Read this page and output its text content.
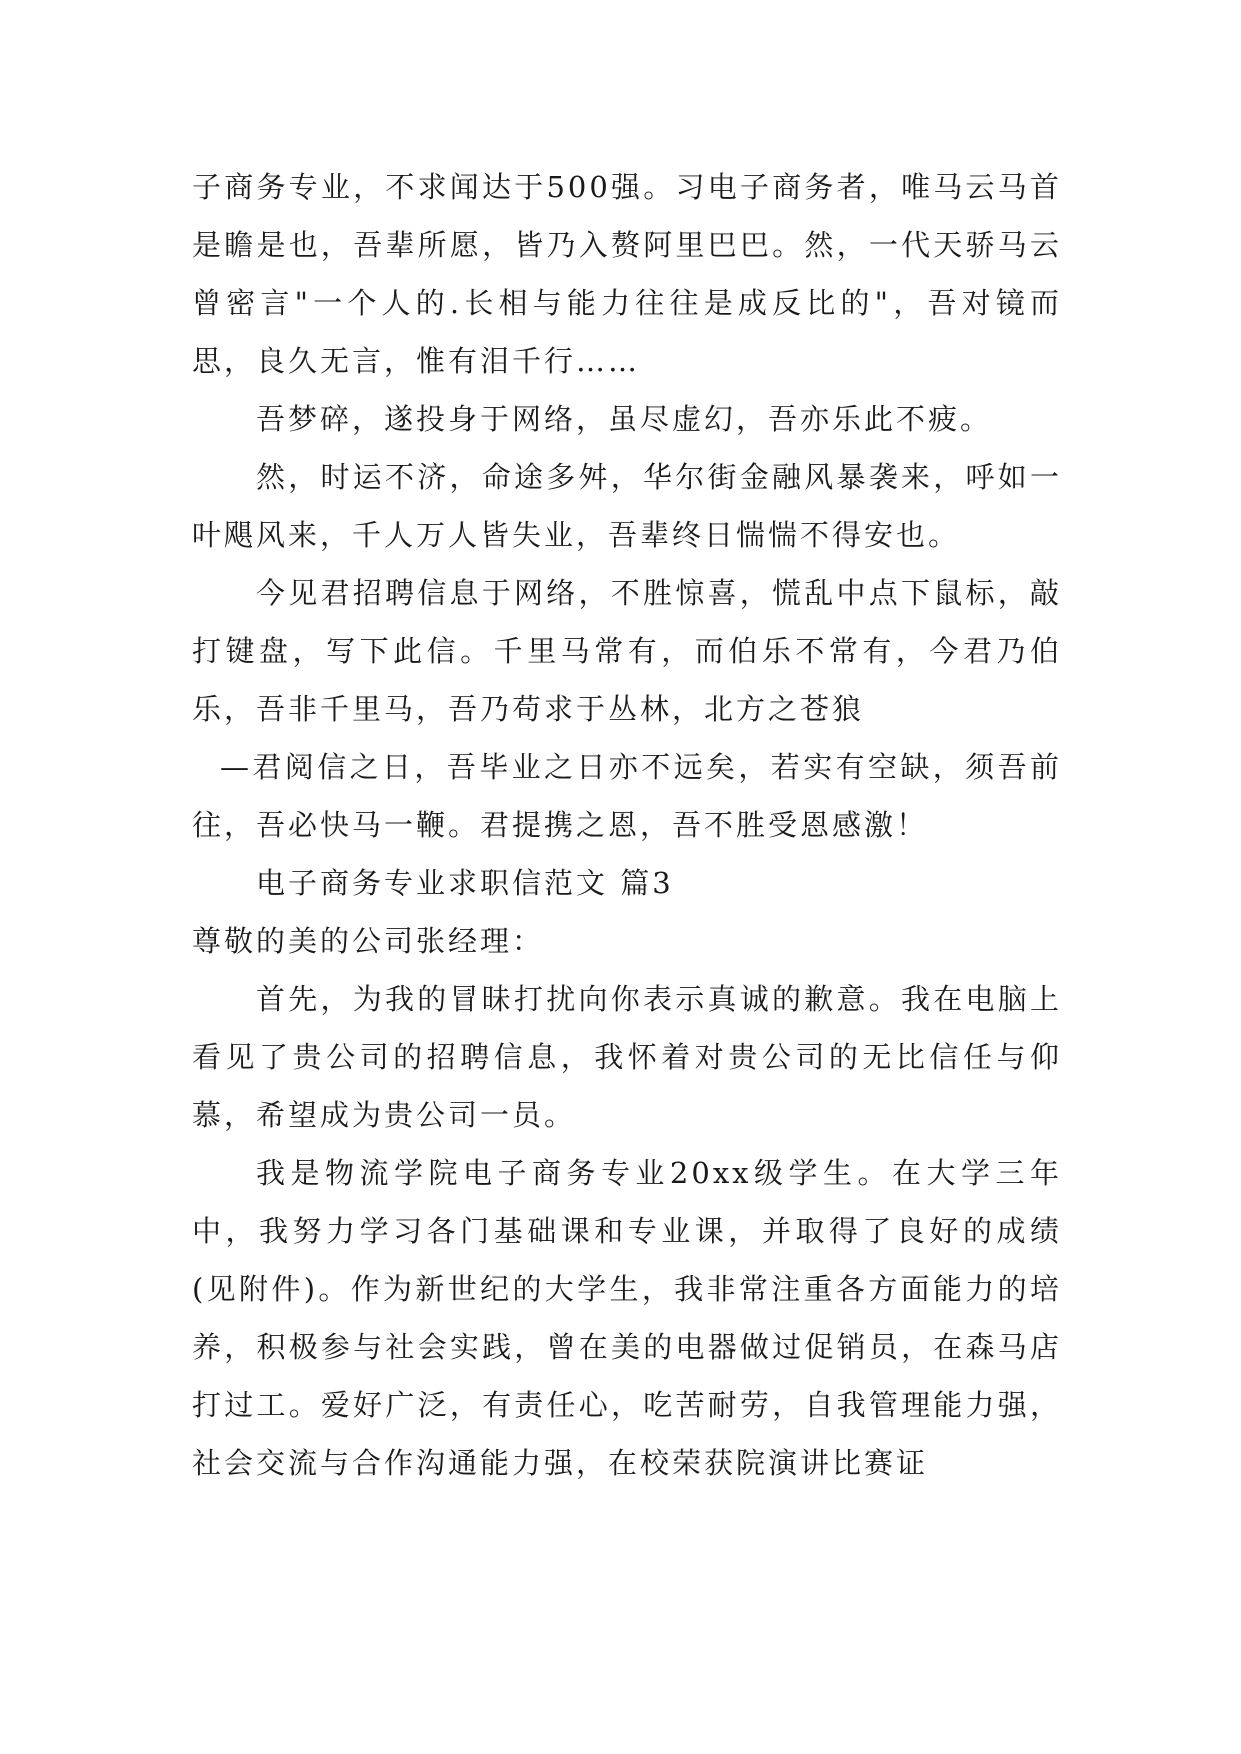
子商务专业，不求闻达于500强。习电子商务者，唯马云马首是瞻是也，吾辈所愿，皆乃入赘阿里巴巴。然，一代天骄马云曾密言"一个人的.长相与能力往往是成反比的"，吾对镜而思，良久无言，惟有泪千行……

吾梦碎，遂投身于网络，虽尽虚幻，吾亦乐此不疲。

然，时运不济，命途多舛，华尔街金融风暴袭来，呼如一叶飓风来，千人万人皆失业，吾辈终日惴惴不得安也。

今见君招聘信息于网络，不胜惊喜，慌乱中点下鼠标，敲打键盘，写下此信。千里马常有，而伯乐不常有，今君乃伯乐，吾非千里马，吾乃苟求于丛林，北方之苍狼

—君阅信之日，吾毕业之日亦不远矣，若实有空缺，须吾前往，吾必快马一鞭。君提携之恩，吾不胜受恩感激！

电子商务专业求职信范文 篇3

尊敬的美的公司张经理：

首先，为我的冒昧打扰向你表示真诚的歉意。我在电脑上看见了贵公司的招聘信息，我怀着对贵公司的无比信任与仰慕，希望成为贵公司一员。

我是物流学院电子商务专业20xx级学生。在大学三年中，我努力学习各门基础课和专业课，并取得了良好的成绩(见附件)。作为新世纪的大学生，我非常注重各方面能力的培养，积极参与社会实践，曾在美的电器做过促销员，在森马店打过工。爱好广泛，有责任心，吃苦耐劳，自我管理能力强，社会交流与合作沟通能力强，在校荣获院演讲比赛证
